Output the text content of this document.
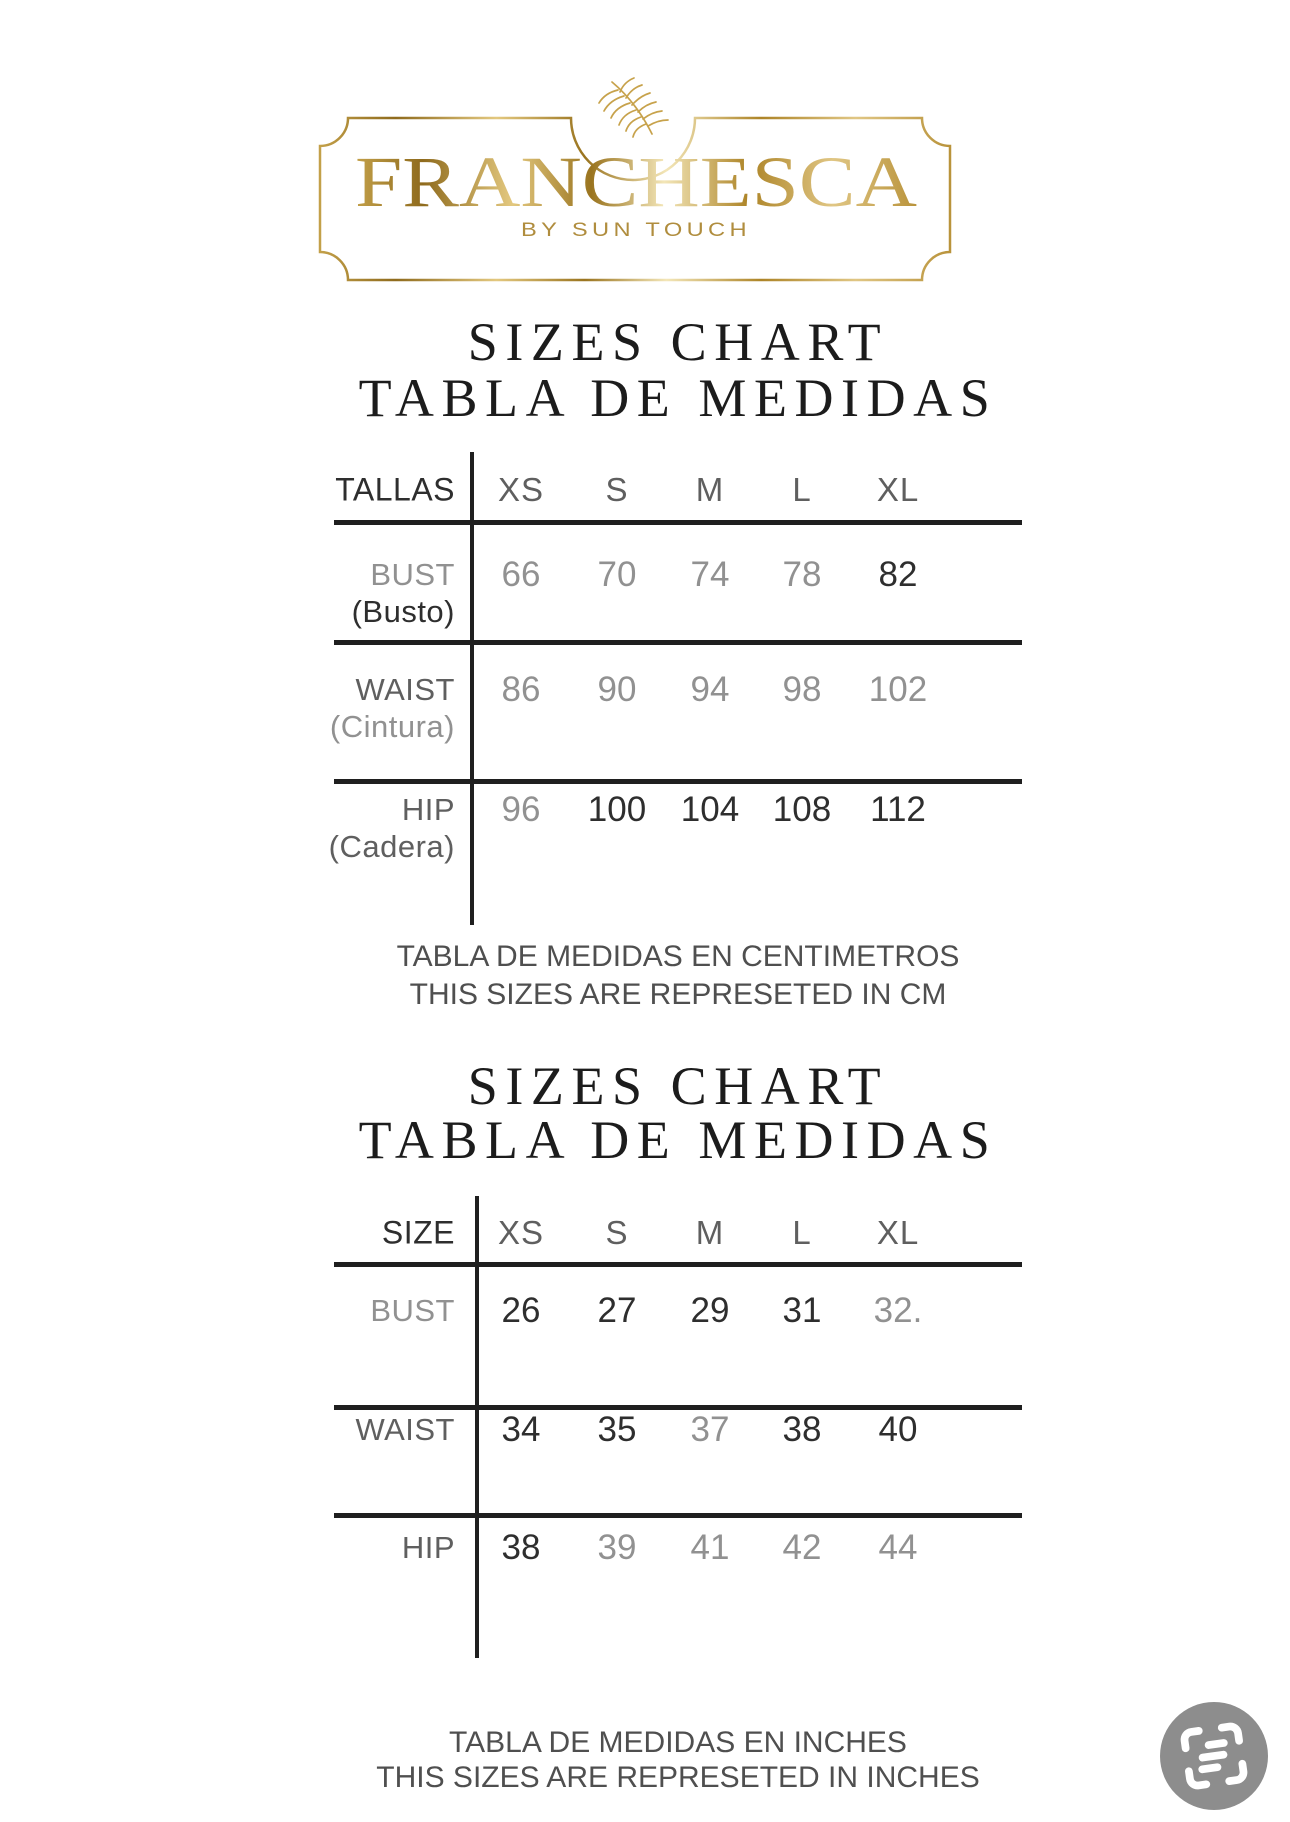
FRANCHESCA
BY SUN TOUCH
SIZES CHART
TABLA DE MEDIDAS
TABLA DE MEDIDAS EN CENTIMETROS
THIS SIZES ARE REPRESETED IN CM
SIZES CHART
TABLA DE MEDIDAS
TABLA DE MEDIDAS EN INCHES
THIS SIZES ARE REPRESETED IN INCHES
TALLAS XS S M L XL
BUST
(Busto)
66 70 74 78 82
WAIST
(Cintura)
86 90 94 98 102
HIP
(Cadera)
96 100 104 108 112
SIZE XS S M L XL
BUST 26 27 29 31 32.
WAIST 34 35 37 38 40
HIP 38 39 41 42 44
